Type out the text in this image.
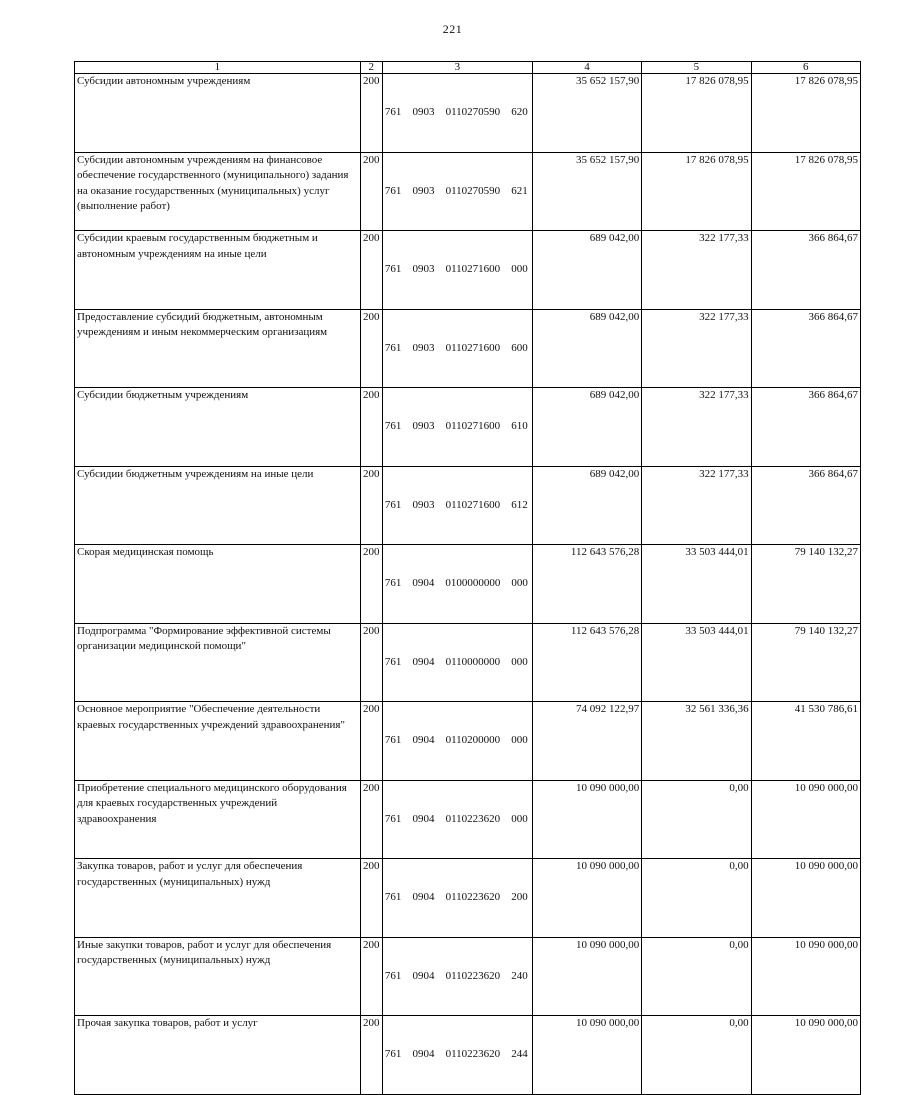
221
1	2	3	4	5	6
Субсидии автономным учреждениям	200	761 0903 0110270590 620	35 652 157,90	17 826 078,95	17 826 078,95
Субсидии автономным учреждениям на финансовое обеспечение государственного (муниципального) задания на оказание государственных (муниципальных) услуг (выполнение работ)	200	761 0903 0110270590 621	35 652 157,90	17 826 078,95	17 826 078,95
Субсидии краевым государственным бюджетным и автономным учреждениям на иные цели	200	761 0903 0110271600 000	689 042,00	322 177,33	366 864,67
Предоставление субсидий бюджетным, автономным учреждениям и иным некоммерческим организациям	200	761 0903 0110271600 600	689 042,00	322 177,33	366 864,67
Субсидии бюджетным учреждениям	200	761 0903 0110271600 610	689 042,00	322 177,33	366 864,67
Субсидии бюджетным учреждениям на иные цели	200	761 0903 0110271600 612	689 042,00	322 177,33	366 864,67
Скорая медицинская помощь	200	761 0904 0100000000 000	112 643 576,28	33 503 444,01	79 140 132,27
Подпрограмма "Формирование эффективной системы организации медицинской помощи"	200	761 0904 0110000000 000	112 643 576,28	33 503 444,01	79 140 132,27
Основное мероприятие "Обеспечение деятельности краевых государственных учреждений здравоохранения"	200	761 0904 0110200000 000	74 092 122,97	32 561 336,36	41 530 786,61
Приобретение специального медицинского оборудования для краевых государственных учреждений здравоохранения	200	761 0904 0110223620 000	10 090 000,00	0,00	10 090 000,00
Закупка товаров, работ и услуг для обеспечения государственных (муниципальных) нужд	200	761 0904 0110223620 200	10 090 000,00	0,00	10 090 000,00
Иные закупки товаров, работ и услуг для обеспечения государственных (муниципальных) нужд	200	761 0904 0110223620 240	10 090 000,00	0,00	10 090 000,00
Прочая закупка товаров, работ и услуг	200	761 0904 0110223620 244	10 090 000,00	0,00	10 090 000,00
